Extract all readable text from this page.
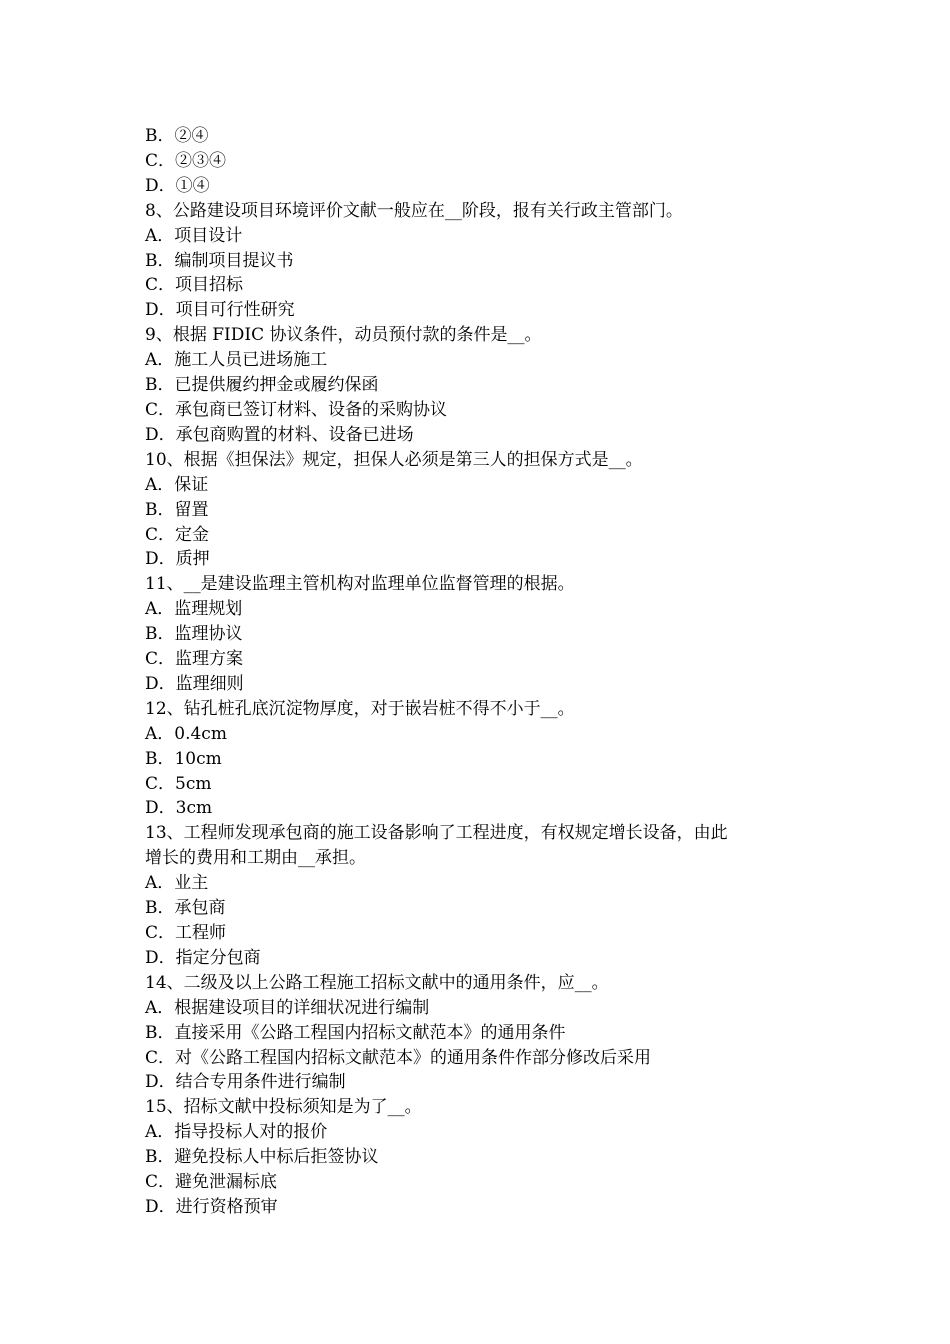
B．②④

C．②③④

D．①④

8、公路建设项目环境评价文献一般应在__阶段，报有关行政主管部门。

A．项目设计

B．编制项目提议书

C．项目招标

D．项目可行性研究

9、根据 FIDIC 协议条件，动员预付款的条件是__。

A．施工人员已进场施工

B．已提供履约押金或履约保函

C．承包商已签订材料、设备的采购协议

D．承包商购置的材料、设备已进场

10、根据《担保法》规定，担保人必须是第三人的担保方式是__。

A．保证

B．留置

C．定金

D．质押

11、__是建设监理主管机构对监理单位监督管理的根据。

A．监理规划

B．监理协议

C．监理方案

D．监理细则

12、钻孔桩孔底沉淀物厚度，对于嵌岩桩不得不小于__。

A．0.4cm

B．10cm

C．5cm

D．3cm

13、工程师发现承包商的施工设备影响了工程进度，有权规定增长设备，由此

增长的费用和工期由__承担。

A．业主

B．承包商

C．工程师

D．指定分包商

14、二级及以上公路工程施工招标文献中的通用条件，应__。

A．根据建设项目的详细状况进行编制

B．直接采用《公路工程国内招标文献范本》的通用条件

C．对《公路工程国内招标文献范本》的通用条件作部分修改后采用

D．结合专用条件进行编制

15、招标文献中投标须知是为了__。

A．指导投标人对的报价

B．避免投标人中标后拒签协议

C．避免泄漏标底

D．进行资格预审
